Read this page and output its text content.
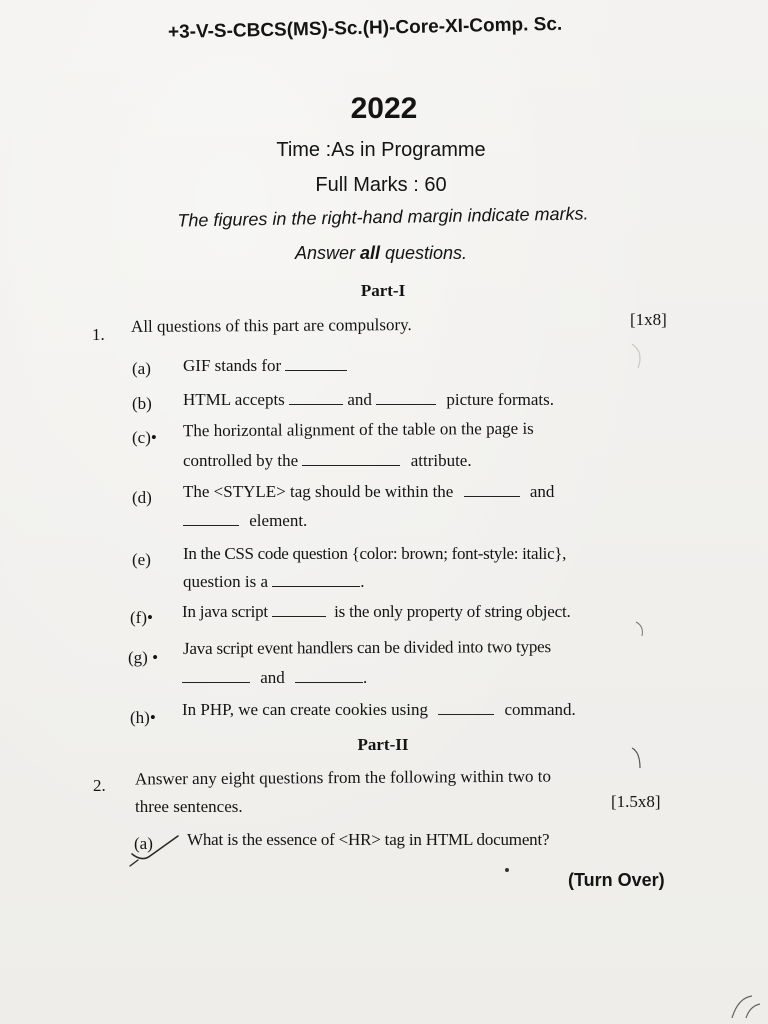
+3-V-S-CBCS(MS)-Sc.(H)-Core-XI-Comp. Sc.
2022
Time :As in Programme
Full Marks : 60
The figures in the right-hand margin indicate marks.
Answer all questions.
Part-I
1. All questions of this part are compulsory.	[1x8]
(a) GIF stands for
(b) HTML accepts	and	picture formats.
(c)• The horizontal alignment of the table on the page is
controlled by the	attribute.
(d) The <STYLE> tag should be within the	and
element.
(e) In the CSS code question {color: brown; font-style: italic},
question is a	.
(f)• In java script	is the only property of string object.
(g) • Java script event handlers can be divided into two types
and	.
(h)• In PHP, we can create cookies using	command.
Part-II
2. Answer any eight questions from the following within two to
three sentences.	[1.5x8]
(a) What is the essence of <HR> tag in HTML document?
(Turn Over)
